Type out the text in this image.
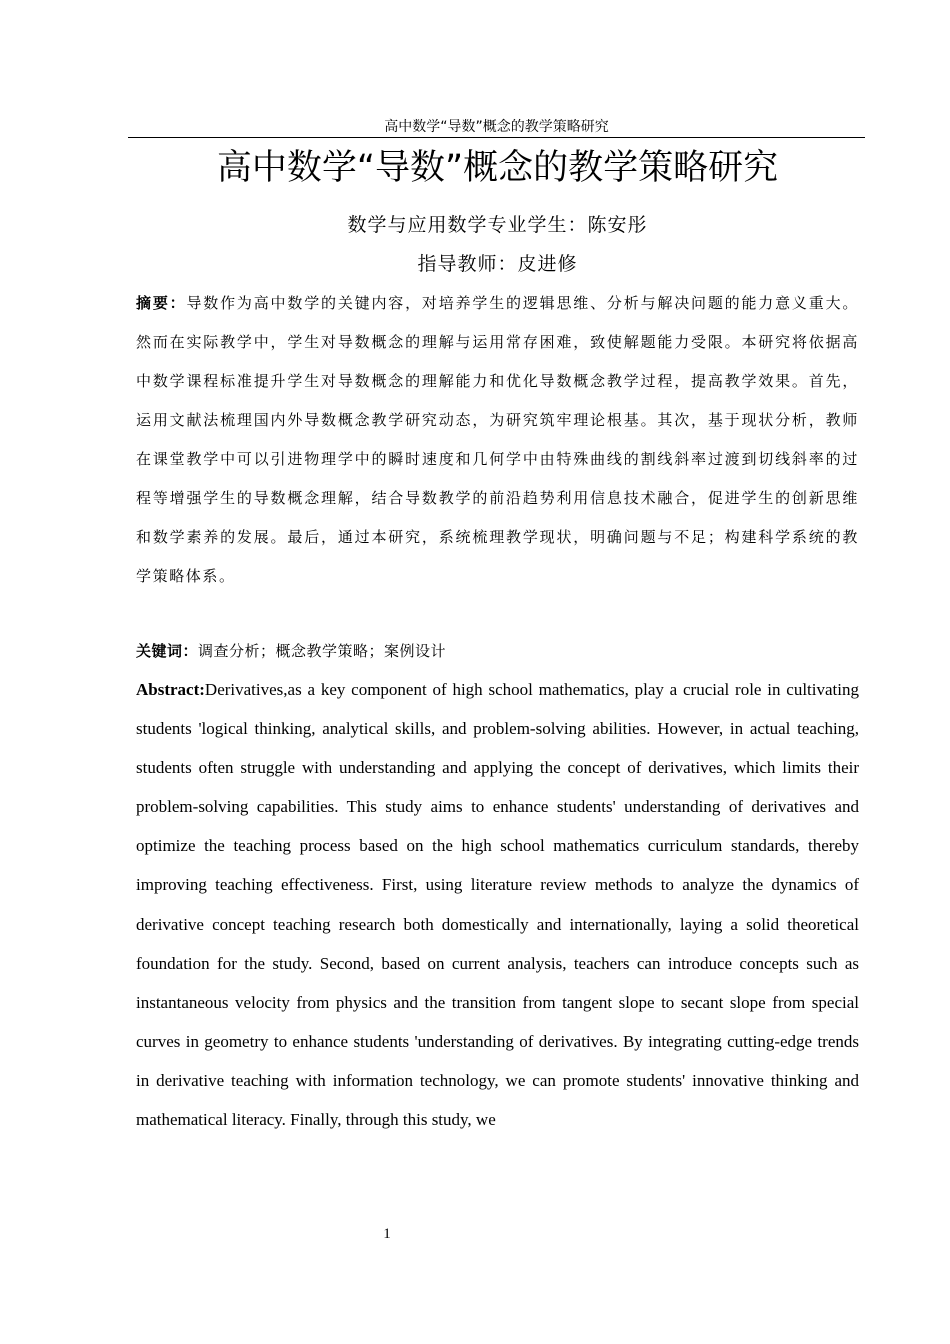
高中数学“导数”概念的教学策略研究
高中数学“导数”概念的教学策略研究
数学与应用数学专业学生：陈安彤
指导教师：皮进修

摘要：导数作为高中数学的关键内容，对培养学生的逻辑思维、分析与解决问题的能力意义重大。然而在实际教学中，学生对导数概念的理解与运用常存困难，致使解题能力受限。本研究将依据高中数学课程标准提升学生对导数概念的理解能力和优化导数概念教学过程，提高教学效果。首先，运用文献法梳理国内外导数概念教学研究动态，为研究筑牢理论根基。其次，基于现状分析，教师在课堂教学中可以引进物理学中的瞬时速度和几何学中由特殊曲线的割线斜率过渡到切线斜率的过程等增强学生的导数概念理解，结合导数教学的前沿趋势利用信息技术融合，促进学生的创新思维和数学素养的发展。最后，通过本研究，系统梳理教学现状，明确问题与不足；构建科学系统的教学策略体系。

关键词：调查分析；概念教学策略；案例设计

Abstract:Derivatives,as a key component of high school mathematics, play a crucial role in cultivating students 'logical thinking, analytical skills, and problem-solving abilities. However, in actual teaching, students often struggle with understanding and applying the concept of derivatives, which limits their problem-solving capabilities. This study aims to enhance students' understanding of derivatives and optimize the teaching process based on the high school mathematics curriculum standards, thereby improving teaching effectiveness. First, using literature review methods to analyze the dynamics of derivative concept teaching research both domestically and internationally, laying a solid theoretical foundation for the study. Second, based on current analysis, teachers can introduce concepts such as instantaneous velocity from physics and the transition from tangent slope to secant slope from special curves in geometry to enhance students 'understanding of derivatives. By integrating cutting-edge trends in derivative teaching with information technology, we can promote students' innovative thinking and mathematical literacy. Finally, through this study, we

1
